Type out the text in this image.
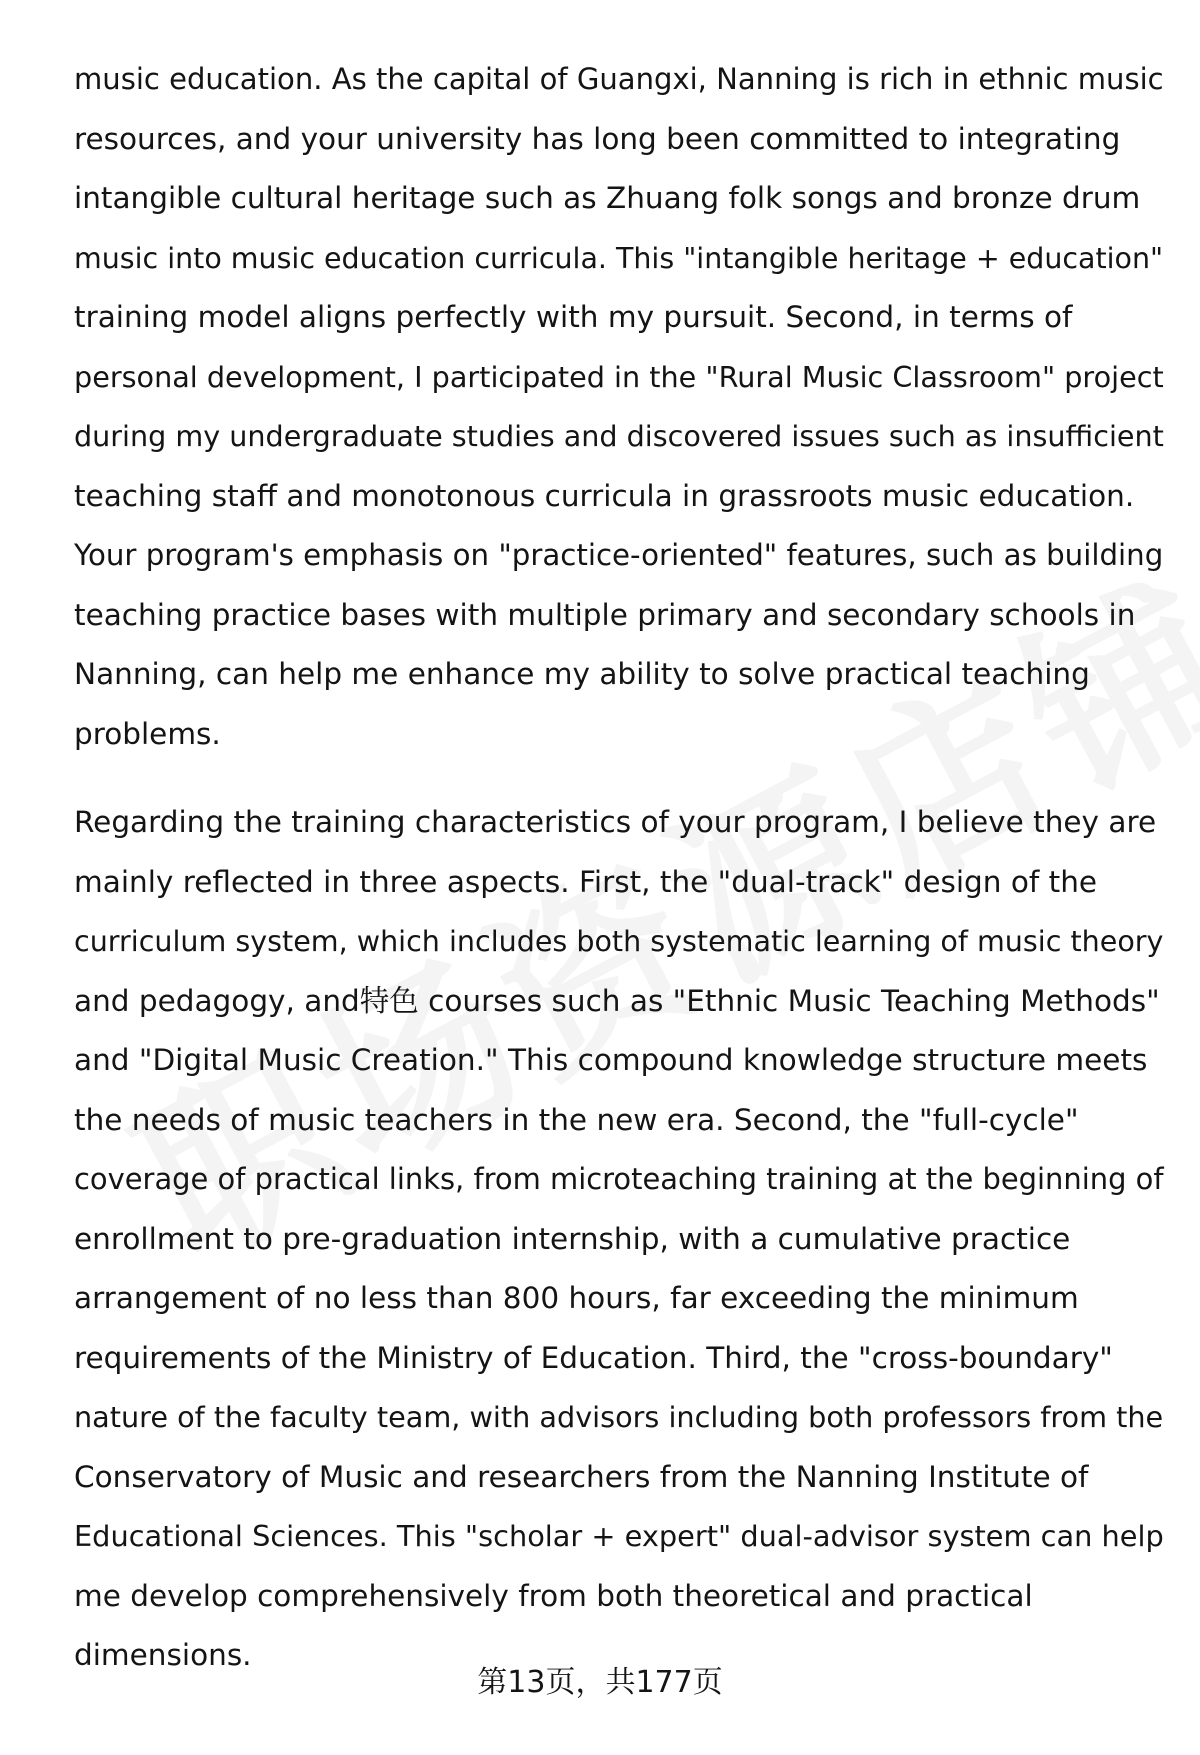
music education. As the capital of Guangxi, Nanning is rich in ethnic music
resources, and your university has long been committed to integrating
intangible cultural heritage such as Zhuang folk songs and bronze drum
music into music education curricula. This "intangible heritage + education"
training model aligns perfectly with my pursuit. Second, in terms of
personal development, I participated in the "Rural Music Classroom" project
during my undergraduate studies and discovered issues such as insufficient
teaching staff and monotonous curricula in grassroots music education.
Your program's emphasis on "practice-oriented" features, such as building
teaching practice bases with multiple primary and secondary schools in
Nanning, can help me enhance my ability to solve practical teaching
problems.

Regarding the training characteristics of your program, I believe they are
mainly reflected in three aspects. First, the "dual-track" design of the
curriculum system, which includes both systematic learning of music theory
and pedagogy, and特色 courses such as "Ethnic Music Teaching Methods"
and "Digital Music Creation." This compound knowledge structure meets
the needs of music teachers in the new era. Second, the "full-cycle"
coverage of practical links, from microteaching training at the beginning of
enrollment to pre-graduation internship, with a cumulative practice
arrangement of no less than 800 hours, far exceeding the minimum
requirements of the Ministry of Education. Third, the "cross-boundary"
nature of the faculty team, with advisors including both professors from the
Conservatory of Music and researchers from the Nanning Institute of
Educational Sciences. This "scholar + expert" dual-advisor system can help
me develop comprehensively from both theoretical and practical
dimensions.

第13页，共177页
